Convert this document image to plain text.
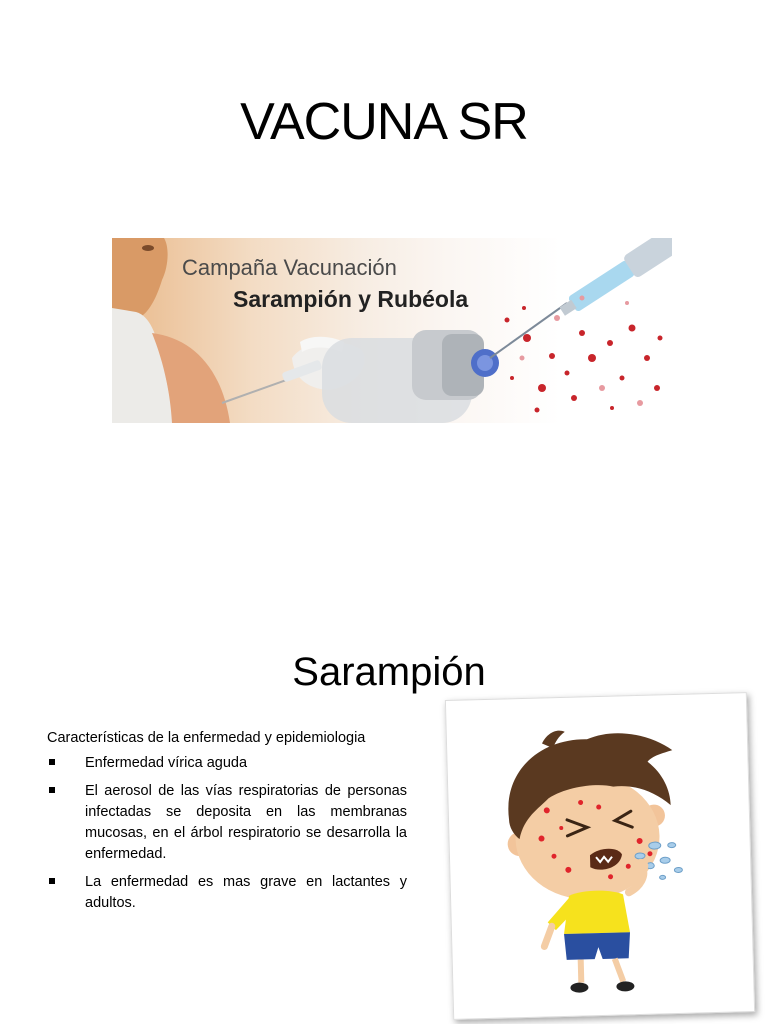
VACUNA SR
Campaña Vacunación
Sarampión y Rubéola
Sarampión

Características de la enfermedad y epidemiologia

Enfermedad vírica aguda
El aerosol de las vías respiratorias de personas infectadas se deposita en las membranas mucosas, en el árbol respiratorio se desarrolla la enfermedad.
La enfermedad es mas grave en lactantes y adultos.
